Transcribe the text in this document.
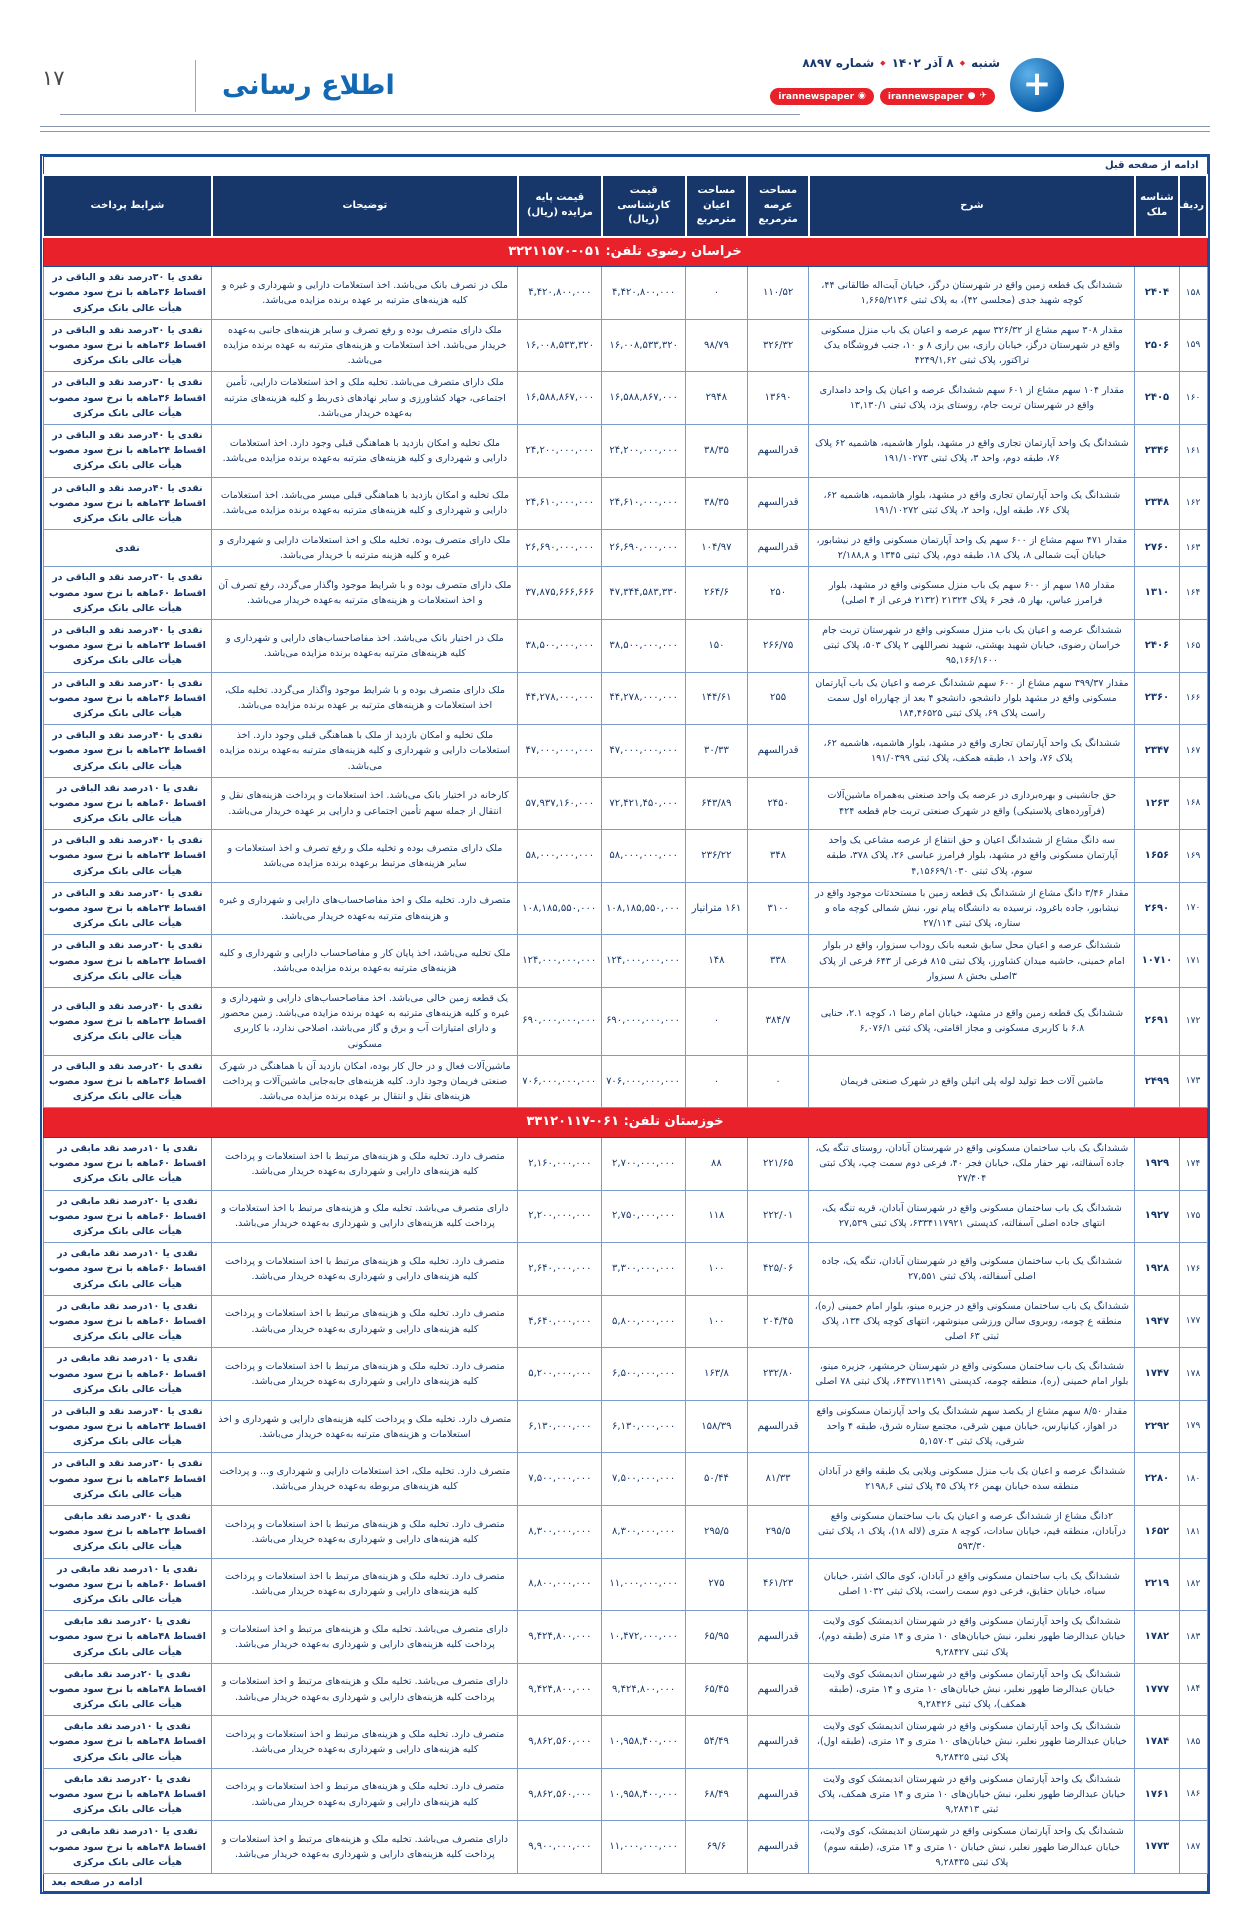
۱۷	اطلاع رسانی
شنبه
◆
۸ آذر ۱۴۰۲
◆
شماره ۸۸۹۷
✈
●
irannewspaper
◉
irannewspaper	+
ادامه از صفحه قبل								
ردیف	شناسه ملک	شرح	مساحت عرصه مترمربع	مساحت اعیان مترمربع	قیمت کارشناسی (ریال)	قیمت پایه مزایده (ریال)	توضیحات	شرایط پرداخت
خراسان رضوی تلفن: ۰۵۱-۳۲۲۱۱۵۷۰								
۱۵۸	۲۴۰۴	ششدانگ یک قطعه زمین واقع در شهرستان درگز، خیابان آیت‌اله طالقانی ۴۴، کوچه شهید جدی (مجلسی ۴۲)، به پلاک ثبتی ۱,۶۶۵/۲۱۳۶	۱۱۰/۵۲	۰	۴,۴۲۰,۸۰۰,۰۰۰	۴,۴۲۰,۸۰۰,۰۰۰	ملک در تصرف بانک می‌باشد. اخذ استعلامات دارایی و شهرداری و غیره و کلیه هزینه‌های مترتبه بر عهده برنده مزایده می‌باشد.	نقدی یا ۳۰درصد نقد و الباقی در اقساط ۳۶ماهه با نرخ سود مصوب هیأت عالی بانک مرکزی
۱۵۹	۲۵۰۶	مقدار ۳۰۸ سهم مشاع از ۳۲۶/۳۲ سهم عرصه و اعیان یک باب منزل مسکونی واقع در شهرستان درگز، خیابان رازی، بین رازی ۸ و ۱۰، جنب فروشگاه یدک تراکتور، پلاک ثبتی ۴۲۴۹/۱,۶۲	۳۲۶/۳۲	۹۸/۷۹	۱۶,۰۰۸,۵۳۳,۳۲۰	۱۶,۰۰۸,۵۳۳,۳۲۰	ملک دارای متصرف بوده و رفع تصرف و سایر هزینه‌های جانبی به‌عهده خریدار می‌باشد. اخذ استعلامات و هزینه‌های مترتبه به عهده برنده مزایده می‌باشد.	نقدی یا ۳۰درصد نقد و الباقی در اقساط ۳۶ماهه با نرخ سود مصوب هیأت عالی بانک مرکزی
۱۶۰	۲۴۰۵	مقدار ۱۰۴ سهم مشاع از ۶۰۱ سهم ششدانگ عرصه و اعیان یک واحد دامداری واقع در شهرستان تربت جام، روستای یزد، پلاک ثبتی ۱۳,۱۳۰/۱	۱۳۶۹۰	۲۹۴۸	۱۶,۵۸۸,۸۶۷,۰۰۰	۱۶,۵۸۸,۸۶۷,۰۰۰	ملک دارای متصرف می‌باشد. تخلیه ملک و اخذ استعلامات دارایی، تأمین اجتماعی، جهاد کشاورزی و سایر نهادهای ذی‌ربط و کلیه هزینه‌های مترتبه به‌عهده خریدار می‌باشد.	نقدی یا ۳۰درصد نقد و الباقی در اقساط ۳۶ماهه با نرخ سود مصوب هیأت عالی بانک مرکزی
۱۶۱	۲۳۴۶	ششدانگ یک واحد آپارتمان تجاری واقع در مشهد، بلوار هاشمیه، هاشمیه ۶۲ پلاک ۷۶، طبقه دوم، واحد ۳، پلاک ثبتی ۱۹۱/۱۰۲۷۳	قدرالسهم	۳۸/۳۵	۲۴,۲۰۰,۰۰۰,۰۰۰	۲۴,۲۰۰,۰۰۰,۰۰۰	ملک تخلیه و امکان بازدید با هماهنگی قبلی وجود دارد. اخذ استعلامات دارایی و شهرداری و کلیه هزینه‌های مترتبه به‌عهده برنده مزایده می‌باشد.	نقدی یا ۴۰درصد نقد و الباقی در اقساط ۲۴ماهه با نرخ سود مصوب هیأت عالی بانک مرکزی
۱۶۲	۲۳۴۸	ششدانگ یک واحد آپارتمان تجاری واقع در مشهد، بلوار هاشمیه، هاشمیه ۶۲، پلاک ۷۶، طبقه اول، واحد ۲، پلاک ثبتی ۱۹۱/۱۰۲۷۲	قدرالسهم	۳۸/۳۵	۲۴,۶۱۰,۰۰۰,۰۰۰	۲۴,۶۱۰,۰۰۰,۰۰۰	ملک تخلیه و امکان بازدید با هماهنگی قبلی میسر می‌باشد. اخذ استعلامات دارایی و شهرداری و کلیه هزینه‌های مترتبه به‌عهده برنده مزایده می‌باشد.	نقدی یا ۴۰درصد نقد و الباقی در اقساط ۲۴ماهه با نرخ سود مصوب هیأت عالی بانک مرکزی
۱۶۳	۲۷۶۰	مقدار ۴۷۱ سهم مشاع از ۶۰۰ سهم یک واحد آپارتمان مسکونی واقع در نیشابور، خیابان آیت شمالی ۸، پلاک ۱۸، طبقه دوم، پلاک ثبتی ۱۳۴۵ و ۲/۱۸۸,۸	قدرالسهم	۱۰۴/۹۷	۲۶,۶۹۰,۰۰۰,۰۰۰	۲۶,۶۹۰,۰۰۰,۰۰۰	ملک دارای متصرف بوده. تخلیه ملک و اخذ استعلامات دارایی و شهرداری و غیره و کلیه هزینه مترتبه با خریدار می‌باشد.	نقدی
۱۶۴	۱۳۱۰	مقدار ۱۸۵ سهم از ۶۰۰ سهم یک باب منزل مسکونی واقع در مشهد، بلوار فرامرز عباس، بهار ۵، فجر ۶ پلاک ۲۱۳۲۴ (۲۱۳۲ فرعی از ۴ اصلی)	۲۵۰	۲۶۴/۶	۴۷,۳۴۴,۵۸۳,۳۳۰	۳۷,۸۷۵,۶۶۶,۶۶۶	ملک دارای متصرف بوده و با شرایط موجود واگذار می‌گردد، رفع تصرف آن و اخذ استعلامات و هزینه‌های مترتبه به‌عهده خریدار می‌باشد.	نقدی یا ۳۰درصد نقد و الباقی در اقساط ۶۰ماهه با نرخ سود مصوب هیأت عالی بانک مرکزی
۱۶۵	۲۴۰۶	ششدانگ عرصه و اعیان یک باب منزل مسکونی واقع در شهرستان تربت جام خراسان رضوی، خیابان شهید بهشتی، شهید نصراللهی ۲ پلاک ۵۰۳، پلاک ثبتی ۹۵,۱۶۶/۱۶۰۰	۲۶۶/۷۵	۱۵۰	۳۸,۵۰۰,۰۰۰,۰۰۰	۳۸,۵۰۰,۰۰۰,۰۰۰	ملک در اختیار بانک می‌باشد. اخذ مفاصاحساب‌های دارایی و شهرداری و کلیه هزینه‌های مترتبه به‌عهده برنده مزایده می‌باشد.	نقدی یا ۴۰درصد نقد و الباقی در اقساط ۲۴ماهه با نرخ سود مصوب هیأت عالی بانک مرکزی
۱۶۶	۲۳۶۰	مقدار ۳۹۹/۳۷ سهم مشاع از ۶۰۰ سهم ششدانگ عرصه و اعیان یک باب آپارتمان مسکونی واقع در مشهد بلوار دانشجو، دانشجو ۴ بعد از چهارراه اول سمت راست پلاک ۶۹، پلاک ثبتی ۱۸۴,۴۶۵۲۵	۲۵۵	۱۴۴/۶۱	۴۴,۲۷۸,۰۰۰,۰۰۰	۴۴,۲۷۸,۰۰۰,۰۰۰	ملک دارای متصرف بوده و با شرایط موجود واگذار می‌گردد. تخلیه ملک، اخذ استعلامات و هزینه‌های مترتبه بر عهده برنده مزایده می‌باشد.	نقدی یا ۳۰درصد نقد و الباقی در اقساط ۳۶ماهه با نرخ سود مصوب هیأت عالی بانک مرکزی
۱۶۷	۲۳۴۷	ششدانگ یک واحد آپارتمان تجاری واقع در مشهد، بلوار هاشمیه، هاشمیه ۶۲، پلاک ۷۶، واحد ۱، طبقه همکف، پلاک ثبتی ۱۹۱/۰۳۹۹	قدرالسهم	۳۰/۳۳	۴۷,۰۰۰,۰۰۰,۰۰۰	۴۷,۰۰۰,۰۰۰,۰۰۰	ملک تخلیه و امکان بازدید از ملک با هماهنگی قبلی وجود دارد. اخذ استعلامات دارایی و شهرداری و کلیه هزینه‌های مترتبه به‌عهده برنده مزایده می‌باشد.	نقدی یا ۴۰درصد نقد و الباقی در اقساط ۲۴ماهه با نرخ سود مصوب هیأت عالی بانک مرکزی
۱۶۸	۱۲۶۳	حق جانشینی و بهره‌برداری در عرصه یک واحد صنعتی به‌همراه ماشین‌آلات (فرآورده‌های پلاستیکی) واقع در شهرک صنعتی تربت جام قطعه ۴۲۴	۲۴۵۰	۶۴۳/۸۹	۷۲,۴۲۱,۴۵۰,۰۰۰	۵۷,۹۳۷,۱۶۰,۰۰۰	کارخانه در اختیار بانک می‌باشد. اخذ استعلامات و پرداخت هزینه‌های نقل و انتقال از جمله سهم تأمین اجتماعی و دارایی بر عهده خریدار می‌باشد.	نقدی یا ۱۰درصد نقد الباقی در اقساط ۶۰ماهه با نرخ سود مصوب هیأت عالی بانک مرکزی
۱۶۹	۱۶۵۶	سه دانگ مشاع از ششدانگ اعیان و حق انتفاع از عرصه مشاعی یک واحد آپارتمان مسکونی واقع در مشهد، بلوار فرامرز عباسی ۲۶، پلاک ۳۷۸، طبقه سوم، پلاک ثبتی ۴,۱۵۶۶۹/۱۰۳۰	۳۴۸	۲۳۶/۲۲	۵۸,۰۰۰,۰۰۰,۰۰۰	۵۸,۰۰۰,۰۰۰,۰۰۰	ملک دارای متصرف بوده و تخلیه ملک و رفع تصرف و اخذ استعلامات و سایر هزینه‌های مرتبط برعهده برنده مزایده می‌باشد	نقدی یا ۴۰درصد نقد و الباقی در اقساط ۲۴ماهه با نرخ سود مصوب هیأت عالی بانک مرکزی
۱۷۰	۲۶۹۰	مقدار ۳/۴۶ دانگ مشاع از ششدانگ یک قطعه زمین با مستحدثات موجود واقع در نیشابور، جاده باغرود، نرسیده به دانشگاه پیام نور، نبش شمالی کوچه ماه و ستاره، پلاک ثبتی ۲۷/۱۱۴	۳۱۰۰	۱۶۱ مترانبار	۱۰۸,۱۸۵,۵۵۰,۰۰۰	۱۰۸,۱۸۵,۵۵۰,۰۰۰	متصرف دارد. تخلیه ملک و اخذ مفاصاحساب‌های دارایی و شهرداری و غیره و هزینه‌های مترتبه به‌عهده خریدار می‌باشد.	نقدی یا ۳۰درصد نقد و الباقی در اقساط ۲۴ماهه با نرخ سود مصوب هیأت عالی بانک مرکزی
۱۷۱	۱۰۷۱۰	ششدانگ عرصه و اعیان محل سابق شعبه بانک روداب سبزوار، واقع در بلوار امام خمینی، حاشیه میدان کشاورز، پلاک ثبتی ۸۱۵ فرعی از ۶۴۳ فرعی از پلاک ۳اصلی بخش ۸ سبزوار	۳۳۸	۱۴۸	۱۲۴,۰۰۰,۰۰۰,۰۰۰	۱۲۴,۰۰۰,۰۰۰,۰۰۰	ملک تخلیه می‌باشد، اخذ پایان کار و مفاصاحساب دارایی و شهرداری و کلیه هزینه‌های مترتبه به‌عهده برنده مزایده می‌باشد.	نقدی یا ۳۰درصد نقد و الباقی در اقساط ۲۴ماهه با نرخ سود مصوب هیأت عالی بانک مرکزی
۱۷۲	۲۶۹۱	ششدانگ یک قطعه زمین واقع در مشهد، خیابان امام رضا ۱، کوچه ۲.۱، حنایی ۶.۸ با کاربری مسکونی و مجاز اقامتی، پلاک ثبتی ۶,۰۷۶/۱	۳۸۴/۷	۰	۶۹۰,۰۰۰,۰۰۰,۰۰۰	۶۹۰,۰۰۰,۰۰۰,۰۰۰	یک قطعه زمین خالی می‌باشد. اخذ مفاصاحساب‌های دارایی و شهرداری و غیره و کلیه هزینه‌های مترتبه به عهده برنده مزایده می‌باشد. زمین محصور و دارای امتیازات آب و برق و گاز می‌باشد، اصلاحی ندارد، با کاربری مسکونی	نقدی یا ۴۰درصد نقد و الباقی در اقساط ۲۴ماهه با نرخ سود مصوب هیأت عالی بانک مرکزی
۱۷۳	۲۴۹۹	ماشین آلات خط تولید لوله پلی اتیلن واقع در شهرک صنعتی فریمان	۰	۰	۷۰۶,۰۰۰,۰۰۰,۰۰۰	۷۰۶,۰۰۰,۰۰۰,۰۰۰	ماشین‌آلات فعال و در حال کار بوده، امکان بازدید آن با هماهنگی در شهرک صنعتی فریمان وجود دارد. کلیه هزینه‌های جابه‌جایی ماشین‌آلات و پرداخت هزینه‌های نقل و انتقال بر عهده برنده مزایده می‌باشد.	نقدی یا ۲۰درصد نقد و الباقی در اقساط ۳۶ماهه با نرخ سود مصوب هیأت عالی بانک مرکزی
خوزستان تلفن: ۰۶۱-۳۳۱۲۰۱۱۷								
۱۷۴	۱۹۲۹	ششدانگ یک باب ساختمان مسکونی واقع در شهرستان آبادان، روستای تنگه یک، جاده آسفالته، نهر حفار ملک، خیابان فجر ۴۰، فرعی دوم سمت چپ، پلاک ثبتی ۲۷/۴۰۴	۲۲۱/۶۵	۸۸	۲,۷۰۰,۰۰۰,۰۰۰	۲,۱۶۰,۰۰۰,۰۰۰	متصرف دارد. تخلیه ملک و هزینه‌های مرتبط با اخذ استعلامات و پرداخت کلیه هزینه‌های دارایی و شهرداری به‌عهده خریدار می‌باشد.	نقدی یا ۱۰درصد نقد مابقی در اقساط ۶۰ماهه با نرخ سود مصوب هیأت عالی بانک مرکزی
۱۷۵	۱۹۲۷	ششدانگ یک باب ساختمان مسکونی واقع در شهرستان آبادان، قریه تنگه یک، انتهای جاده اصلی آسفالته، کدپستی ۶۳۳۴۱۱۷۹۲۱، پلاک ثبتی ۲۷,۵۳۹	۲۲۲/۰۱	۱۱۸	۲,۷۵۰,۰۰۰,۰۰۰	۲,۲۰۰,۰۰۰,۰۰۰	دارای متصرف می‌باشد. تخلیه ملک و هزینه‌های مرتبط با اخذ استعلامات و پرداخت کلیه هزینه‌های دارایی و شهرداری به‌عهده خریدار می‌باشد.	نقدی یا ۲۰درصد نقد مابقی در اقساط ۶۰ماهه با نرخ سود مصوب هیأت عالی بانک مرکزی
۱۷۶	۱۹۲۸	ششدانگ یک باب ساختمان مسکونی واقع در شهرستان آبادان، تنگه یک، جاده اصلی آسفالته، پلاک ثبتی ۲۷,۵۵۱	۴۲۵/۰۶	۱۰۰	۳,۳۰۰,۰۰۰,۰۰۰	۲,۶۴۰,۰۰۰,۰۰۰	متصرف دارد. تخلیه ملک و هزینه‌های مرتبط با اخذ استعلامات و پرداخت کلیه هزینه‌های دارایی و شهرداری به‌عهده خریدار می‌باشد.	نقدی یا ۱۰درصد نقد مابقی در اقساط ۶۰ماهه با نرخ سود مصوب هیأت عالی بانک مرکزی
۱۷۷	۱۹۴۷	ششدانگ یک باب ساختمان مسکونی واقع در جزیره مینو، بلوار امام خمینی (ره)، منطقه ع چومه، روبروی سالن ورزشی مینوشهر، انتهای کوچه پلاک ۱۳۴، پلاک ثبتی ۶۳ اصلی	۲۰۴/۴۵	۱۰۰	۵,۸۰۰,۰۰۰,۰۰۰	۴,۶۴۰,۰۰۰,۰۰۰	متصرف دارد. تخلیه ملک و هزینه‌های مرتبط با اخذ استعلامات و پرداخت کلیه هزینه‌های دارایی و شهرداری به‌عهده خریدار می‌باشد.	نقدی یا ۱۰درصد نقد مابقی در اقساط ۶۰ماهه با نرخ سود مصوب هیأت عالی بانک مرکزی
۱۷۸	۱۷۴۷	ششدانگ یک باب ساختمان مسکونی واقع در شهرستان خرمشهر، جزیره مینو، بلوار امام خمینی (ره)، منطقه چومه، کدپستی ۶۴۳۷۱۱۳۱۹۱، پلاک ثبتی ۷۸ اصلی	۲۳۲/۸۰	۱۶۳/۸	۶,۵۰۰,۰۰۰,۰۰۰	۵,۲۰۰,۰۰۰,۰۰۰	متصرف دارد. تخلیه ملک و هزینه‌های مرتبط با اخذ استعلامات و پرداخت کلیه هزینه‌های دارایی و شهرداری به‌عهده خریدار می‌باشد.	نقدی یا ۱۰درصد نقد مابقی در اقساط ۶۰ماهه با نرخ سود مصوب هیأت عالی بانک مرکزی
۱۷۹	۲۲۹۲	مقدار ۸/۵۰ سهم مشاع از یکصد سهم ششدانگ یک واحد آپارتمان مسکونی واقع در اهواز، کیانپارس، خیابان میهن شرقی، مجتمع ستاره شرق، طبقه ۴ واحد شرقی، پلاک ثبتی ۵,۱۵۷۰۳	قدرالسهم	۱۵۸/۳۹	۶,۱۳۰,۰۰۰,۰۰۰	۶,۱۳۰,۰۰۰,۰۰۰	متصرف دارد. تخلیه ملک و پرداخت کلیه هزینه‌های دارایی و شهرداری و اخذ استعلامات و هزینه‌های مترتبه به‌عهده خریدار می‌باشد.	نقدی یا ۴۰درصد نقد و الباقی در اقساط ۲۴ماهه با نرخ سود مصوب هیأت عالی بانک مرکزی
۱۸۰	۲۲۸۰	ششدانگ عرصه و اعیان یک باب منزل مسکونی ویلایی یک طبقه واقع در آبادان منطقه سده خیابان بهمن ۲۶ پلاک ۴۵ پلاک ثبتی ۲۱۹۸,۶	۸۱/۳۳	۵۰/۴۴	۷,۵۰۰,۰۰۰,۰۰۰	۷,۵۰۰,۰۰۰,۰۰۰	متصرف دارد. تخلیه ملک، اخذ استعلامات دارایی و شهرداری و... و پرداخت کلیه هزینه‌های مربوطه به‌عهده خریدار می‌باشد.	نقدی یا ۳۰درصد نقد و الباقی در اقساط ۳۶ماهه با نرخ سود مصوب هیأت عالی بانک مرکزی
۱۸۱	۱۶۵۲	۲دانگ مشاع از ششدانگ عرصه و اعیان یک باب ساختمان مسکونی واقع درآبادان، منطقه قیم، خیابان سادات، کوچه ۸ متری (لاله ۱۸)، پلاک ۱، پلاک ثبتی ۵۹۳/۳۰	۲۹۵/۵	۲۹۵/۵	۸,۳۰۰,۰۰۰,۰۰۰	۸,۳۰۰,۰۰۰,۰۰۰	متصرف دارد. تخلیه ملک و هزینه‌های مرتبط با اخذ استعلامات و پرداخت کلیه هزینه‌های دارایی و شهرداری به‌عهده خریدار می‌باشد.	نقدی یا ۴۰درصد نقد مابقی اقساط ۲۴ماهه با نرخ سود مصوب هیأت عالی بانک مرکزی
۱۸۲	۲۲۱۹	ششدانگ یک باب ساختمان مسکونی واقع در آبادان، کوی مالک اشتر، خیابان سیاه، خیابان حقایق، فرعی دوم سمت راست، پلاک ثبتی ۱۰۳۲ اصلی	۴۶۱/۲۳	۲۷۵	۱۱,۰۰۰,۰۰۰,۰۰۰	۸,۸۰۰,۰۰۰,۰۰۰	متصرف دارد. تخلیه ملک و هزینه‌های مرتبط با اخذ استعلامات و پرداخت کلیه هزینه‌های دارایی و شهرداری به‌عهده خریدار می‌باشد.	نقدی یا ۱۰درصد نقد مابقی در اقساط ۶۰ماهه با نرخ سود مصوب هیأت عالی بانک مرکزی
۱۸۳	۱۷۸۲	ششدانگ یک واحد آپارتمان مسکونی واقع در شهرستان اندیمشک کوی ولایت خیابان عبدالرضا طهور نعلبر، نبش خیابان‌های ۱۰ متری و ۱۴ متری (طبقه دوم)، پلاک ثبتی ۹,۲۸۴۲۷	قدرالسهم	۶۵/۹۵	۱۰,۴۷۲,۰۰۰,۰۰۰	۹,۴۲۴,۸۰۰,۰۰۰	دارای متصرف می‌باشد. تخلیه ملک و هزینه‌های مرتبط و اخذ استعلامات و پرداخت کلیه هزینه‌های دارایی و شهرداری به‌عهده خریدار می‌باشد.	نقدی یا ۲۰درصد نقد مابقی اقساط ۴۸ماهه با نرخ سود مصوب هیأت عالی بانک مرکزی
۱۸۴	۱۷۷۷	ششدانگ یک واحد آپارتمان مسکونی واقع در شهرستان اندیمشک کوی ولایت خیابان عبدالرضا طهور نعلبر، نبش خیابان‌های ۱۰ متری و ۱۴ متری، (طبقه همکف)، پلاک ثبتی ۹,۲۸۴۲۶	قدرالسهم	۶۵/۴۵	۹,۴۲۴,۸۰۰,۰۰۰	۹,۴۲۴,۸۰۰,۰۰۰	دارای متصرف می‌باشد. تخلیه ملک و هزینه‌های مرتبط و اخذ استعلامات و پرداخت کلیه هزینه‌های دارایی و شهرداری به‌عهده خریدار می‌باشد.	نقدی یا ۲۰درصد نقد مابقی اقساط ۴۸ماهه با نرخ سود مصوب هیأت عالی بانک مرکزی
۱۸۵	۱۷۸۴	ششدانگ یک واحد آپارتمان مسکونی واقع در شهرستان اندیمشک کوی ولایت خیابان عبدالرضا طهور نعلبر، نبش خیابان‌های ۱۰ متری و ۱۴ متری، (طبقه اول)، پلاک ثبتی ۹,۲۸۴۲۵	قدرالسهم	۵۴/۴۹	۱۰,۹۵۸,۴۰۰,۰۰۰	۹,۸۶۲,۵۶۰,۰۰۰	متصرف دارد. تخلیه ملک و هزینه‌های مرتبط و اخذ استعلامات و پرداخت کلیه هزینه‌های دارایی و شهرداری به‌عهده خریدار می‌باشد.	نقدی یا ۱۰درصد نقد مابقی اقساط ۴۸ماهه با نرخ سود مصوب هیأت عالی بانک مرکزی
۱۸۶	۱۷۶۱	ششدانگ یک واحد آپارتمان مسکونی واقع در شهرستان اندیمشک کوی ولایت خیابان عبدالرضا طهور نعلبر، نبش خیابان‌های ۱۰ متری و ۱۴ متری همکف، پلاک ثبتی ۹,۲۸۴۱۳	قدرالسهم	۶۸/۴۹	۱۰,۹۵۸,۴۰۰,۰۰۰	۹,۸۶۲,۵۶۰,۰۰۰	متصرف دارد. تخلیه ملک و هزینه‌های مرتبط و اخذ استعلامات و پرداخت کلیه هزینه‌های دارایی و شهرداری به‌عهده خریدار می‌باشد.	نقدی یا ۲۰درصد نقد مابقی اقساط ۴۸ماهه با نرخ سود مصوب هیأت عالی بانک مرکزی
۱۸۷	۱۷۷۳	ششدانگ یک واحد آپارتمان مسکونی واقع در شهرستان اندیمشک، کوی ولایت، خیابان عبدالرضا طهور نعلبر، نبش خیابان ۱۰ متری و ۱۴ متری، (طبقه سوم) پلاک ثبتی ۹,۲۸۴۳۵	قدرالسهم	۶۹/۶	۱۱,۰۰۰,۰۰۰,۰۰۰	۹,۹۰۰,۰۰۰,۰۰۰	دارای متصرف می‌باشد. تخلیه ملک و هزینه‌های مرتبط و اخذ استعلامات و پرداخت کلیه هزینه‌های دارایی و شهرداری به‌عهده خریدار می‌باشد.	نقدی یا ۱۰درصد نقد مابقی در اقساط ۴۸ماهه با نرخ سود مصوب هیأت عالی بانک مرکزی
ادامه در صفحه بعد								
